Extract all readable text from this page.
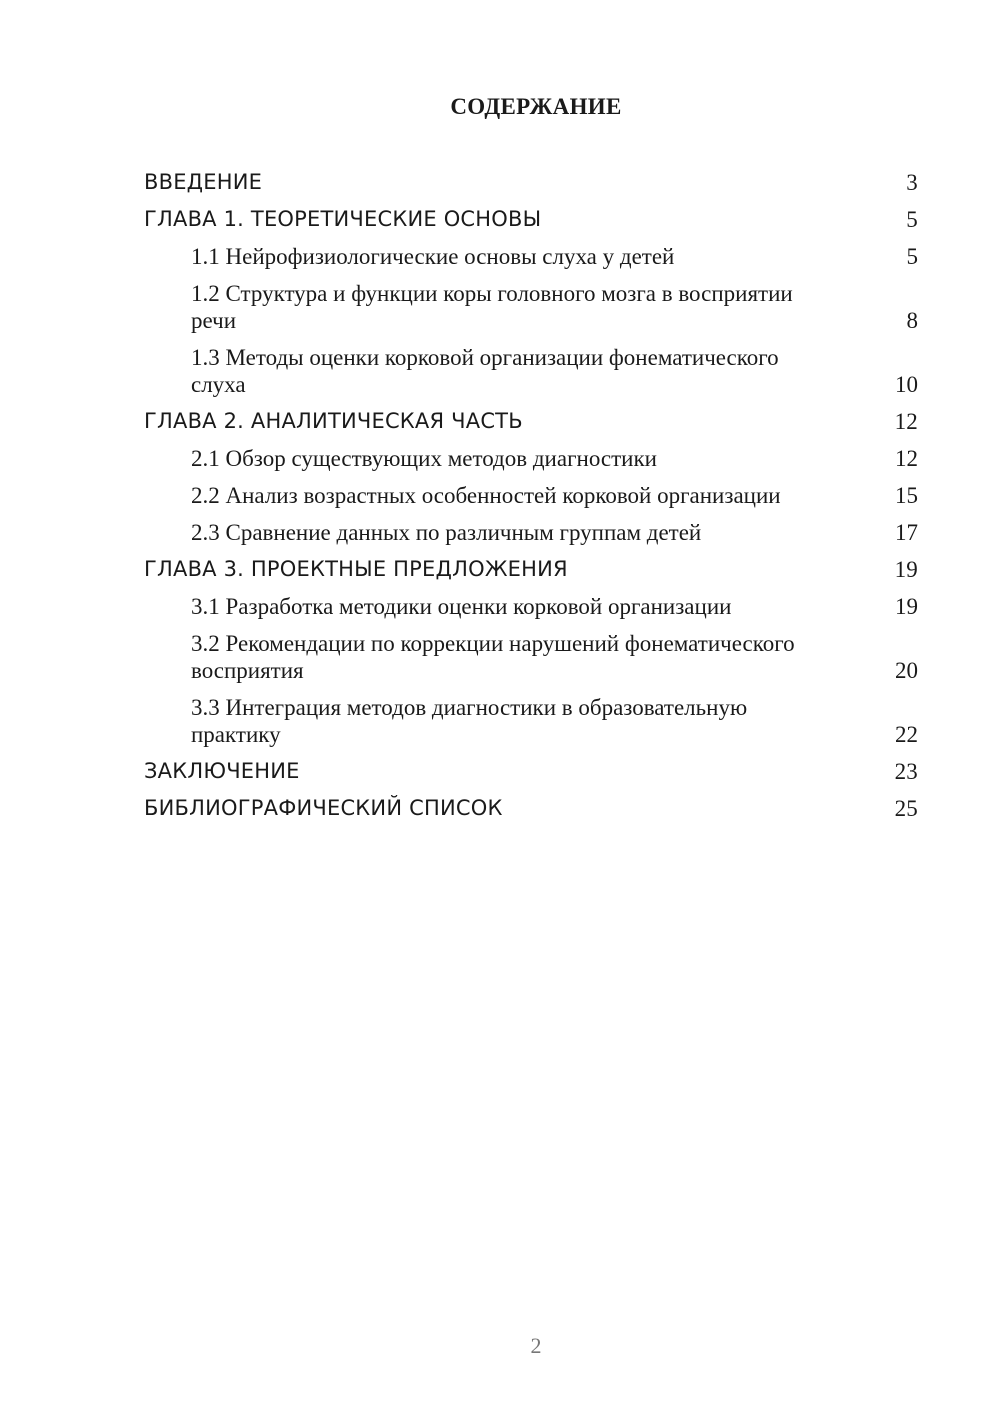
СОДЕРЖАНИЕ
ВВЕДЕНИЕ	3
ГЛАВА 1. ТЕОРЕТИЧЕСКИЕ ОСНОВЫ	5
1.1 Нейрофизиологические основы слуха у детей	5
1.2 Структура и функции коры головного мозга в восприятии речи	8
1.3 Методы оценки корковой организации фонематического слуха	10
ГЛАВА 2. АНАЛИТИЧЕСКАЯ ЧАСТЬ	12
2.1 Обзор существующих методов диагностики	12
2.2 Анализ возрастных особенностей корковой организации	15
2.3 Сравнение данных по различным группам детей	17
ГЛАВА 3. ПРОЕКТНЫЕ ПРЕДЛОЖЕНИЯ	19
3.1 Разработка методики оценки корковой организации	19
3.2 Рекомендации по коррекции нарушений фонематического восприятия	20
3.3 Интеграция методов диагностики в образовательную практику	22
ЗАКЛЮЧЕНИЕ	23
БИБЛИОГРАФИЧЕСКИЙ СПИСОК	25
2
